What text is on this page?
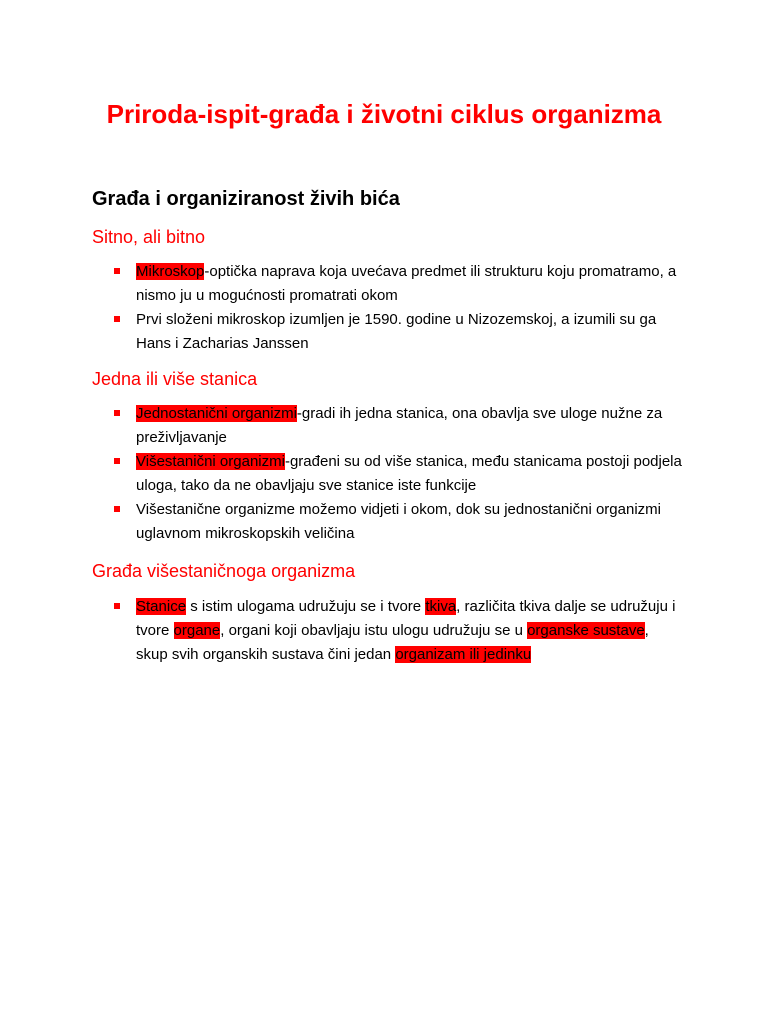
Priroda-ispit-građa i životni ciklus organizma
Građa i organiziranost živih bića
Sitno, ali bitno
Mikroskop-optička naprava koja uvećava predmet ili strukturu koju promatramo, a nismo ju u mogućnosti promatrati okom
Prvi složeni mikroskop izumljen je 1590. godine u Nizozemskoj, a izumili su ga Hans i Zacharias Janssen
Jedna ili više stanica
Jednostanični organizmi-gradi ih jedna stanica, ona obavlja sve uloge nužne za preživljavanje
Višestanični organizmi-građeni su od više stanica, među stanicama postoji podjela uloga, tako da ne obavljaju sve stanice iste funkcije
Višestanične organizme možemo vidjeti i okom, dok su jednostanični organizmi uglavnom mikroskopskih veličina
Građa višestaničnoga organizma
Stanice s istim ulogama udružuju se i tvore tkiva, različita tkiva dalje se udružuju i tvore organe, organi koji obavljaju istu ulogu udružuju se u organske sustave, skup svih organskih sustava čini jedan organizam ili jedinku
